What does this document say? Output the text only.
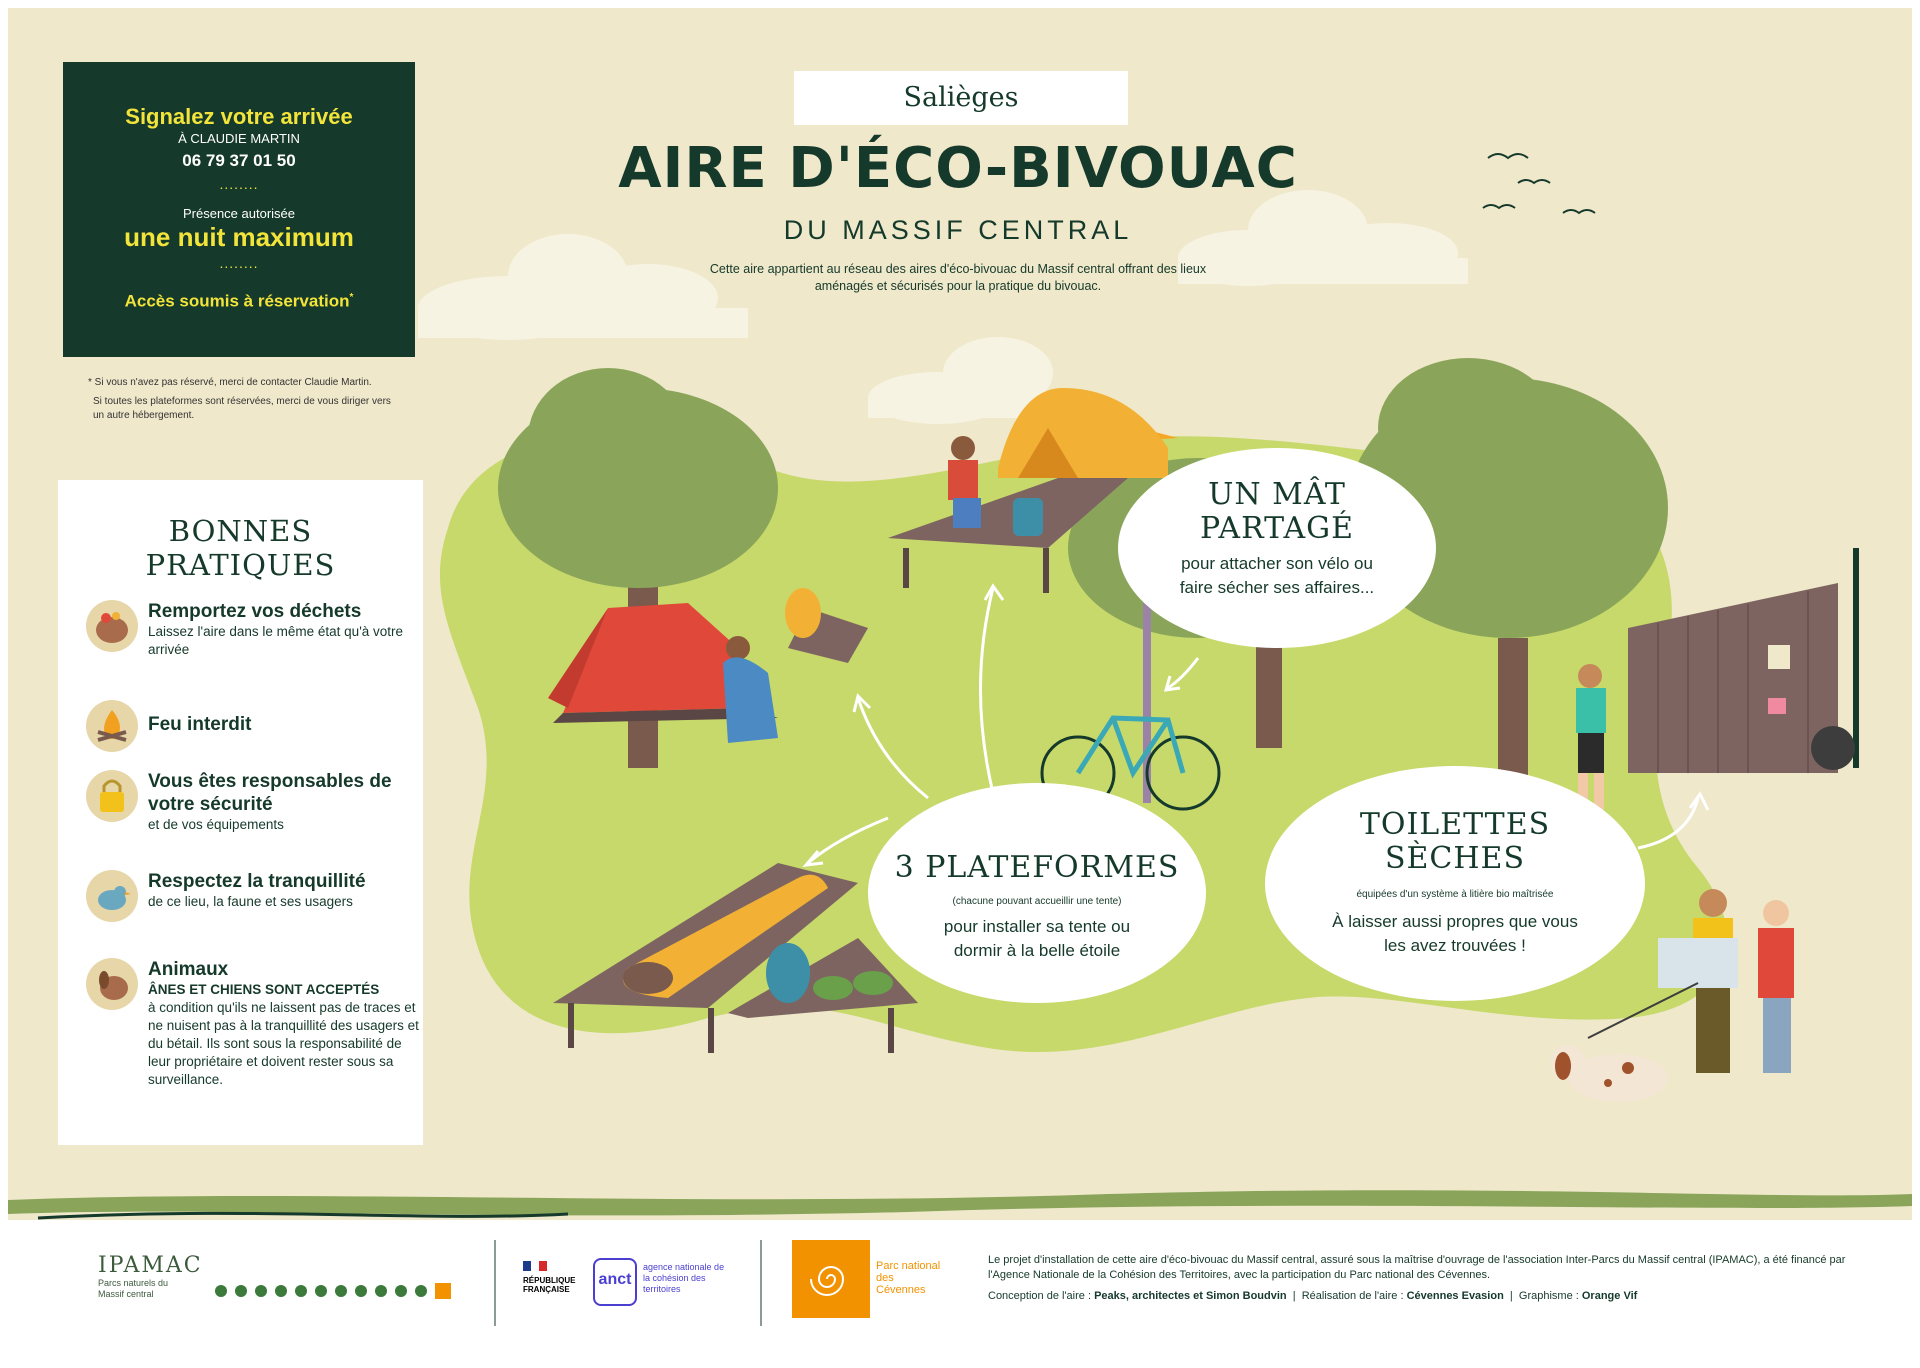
Signalez votre arrivée
À CLAUDIE MARTIN
06 79 37 01 50
........
Présence autorisée
une nuit maximum
........
Accès soumis à réservation*
* Si vous n'avez pas réservé, merci de contacter Claudie Martin.
Si toutes les plateformes sont réservées, merci de vous diriger vers un autre hébergement.
BONNES
PRATIQUES
Remportez vos déchets
Laissez l'aire dans le même état qu'à votre arrivée
Feu interdit
Vous êtes responsables de votre sécurité
et de vos équipements
Respectez la tranquillité
de ce lieu, la faune et ses usagers
Animaux
ÂNES ET CHIENS SONT ACCEPTÉS
à condition qu'ils ne laissent pas de traces et ne nuisent pas à la tranquillité des usagers et du bétail. Ils sont sous la responsabilité de leur propriétaire et doivent rester sous sa surveillance.
Salièges
AIRE D'ÉCO-BIVOUAC
DU MASSIF CENTRAL
Cette aire appartient au réseau des aires d'éco-bivouac du Massif central offrant des lieux aménagés et sécurisés pour la pratique du bivouac.
UN MÂT
PARTAGÉ
pour attacher son vélo ou faire sécher ses affaires...
3 PLATEFORMES
(chacune pouvant accueillir une tente)
pour installer sa tente ou dormir à la belle étoile
TOILETTES
SÈCHES
équipées d'un système à litière bio maîtrisée
À laisser aussi propres que vous les avez trouvées !
IPAMAC
Parcs naturels du Massif central
RÉPUBLIQUE FRANÇAISE
anct
agence nationale de la cohésion des territoires
Parc national des Cévennes
Le projet d'installation de cette aire d'éco-bivouac du Massif central, assuré sous la maîtrise d'ouvrage de l'association Inter-Parcs du Massif central (IPAMAC), a été financé par l'Agence Nationale de la Cohésion des Territoires, avec la participation du Parc national des Cévennes.
Conception de l'aire : Peaks, architectes et Simon Boudvin  |  Réalisation de l'aire : Cévennes Evasion  |  Graphisme : Orange Vif
